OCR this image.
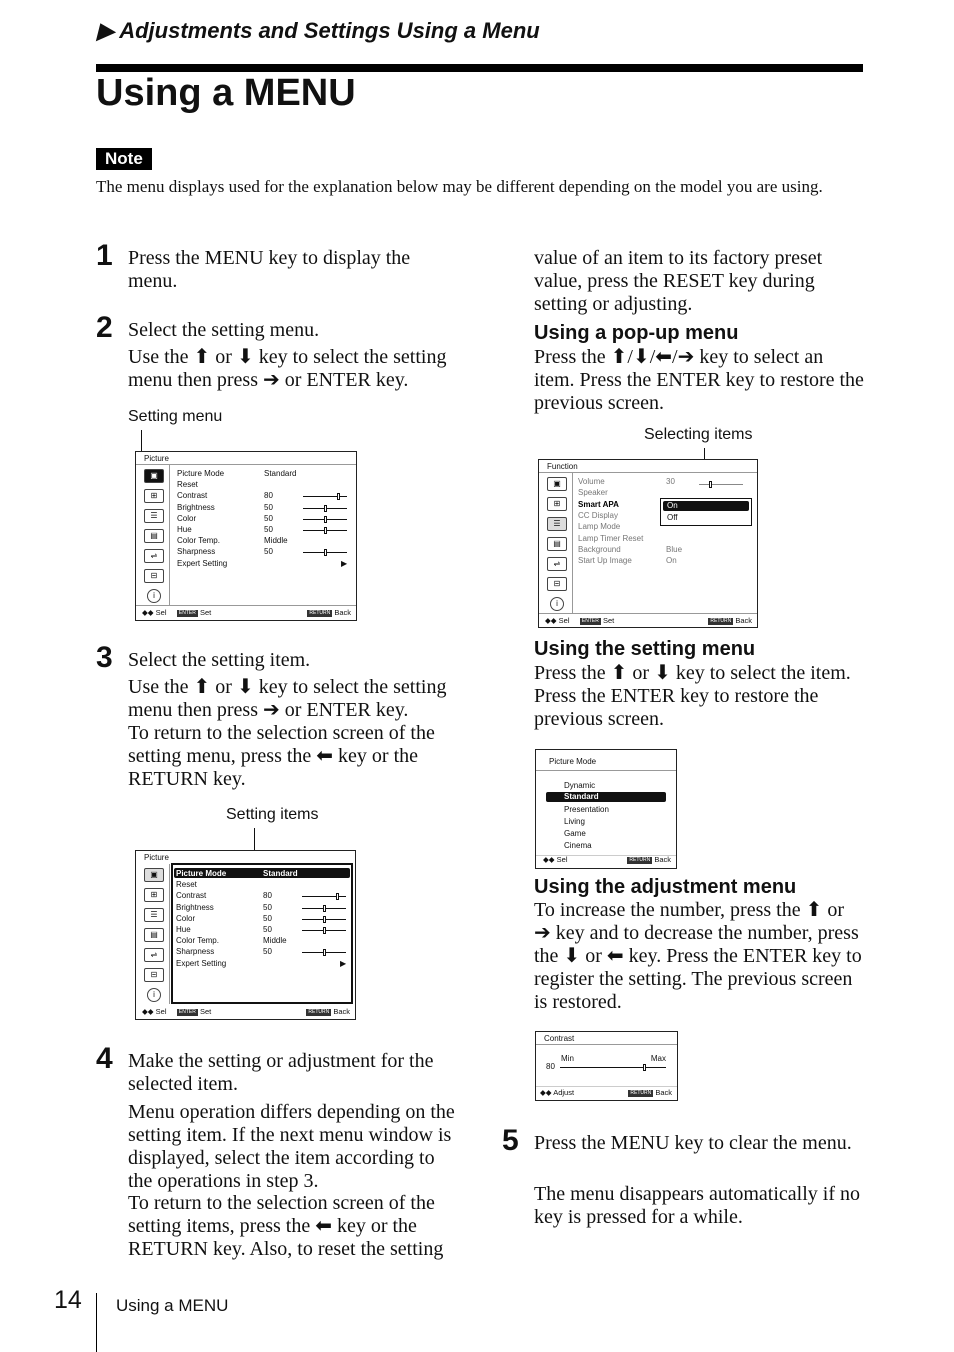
▶ Adjustments and Settings Using a Menu
Using a MENU
Note
The menu displays used for the explanation below may be different depending on the model you are using.
1 Press the MENU key to display the menu.
2 Select the setting menu.
Use the ⬆ or ⬇ key to select the setting menu then press ➔ or ENTER key.
Setting menu
Picture
▣
⊞
☰
▤
⇌
⊟
i
◆◆ Sel ENTER Set	RETURN Back
Picture Mode	Standard
Reset
Contrast	80
Brightness	50
Color	50
Hue	50
Color Temp.	Middle
Sharpness	50
Expert Setting	▶
3 Select the setting item.
Use the ⬆ or ⬇ key to select the setting menu then press ➔ or ENTER key.
To return to the selection screen of the setting menu, press the ⬅ key or the RETURN key.
Setting items
Picture
▣
⊞
☰
▤
⇌
⊟
i
◆◆ Sel ENTER Set	RETURN Back
Picture Mode	Standard
Reset
Contrast	80
Brightness	50
Color	50
Hue	50
Color Temp.	Middle
Sharpness	50
Expert Setting	▶
4 Make the setting or adjustment for the selected item.
Menu operation differs depending on the setting item. If the next menu window is displayed, select the item according to the operations in step 3.
To return to the selection screen of the setting items, press the ⬅ key or the RETURN key. Also, to reset the setting
value of an item to its factory preset value, press the RESET key during setting or adjusting.
Using a pop-up menu
Press the ⬆/⬇/⬅/➔ key to select an item. Press the ENTER key to restore the previous screen.
Selecting items
Function
▣
⊞
☰
▤
⇌
⊟
i
On
Off
◆◆ Sel ENTER Set	RETURN Back
Volume	30
Speaker
Smart APA
CC Display
Lamp Mode
Lamp Timer Reset
Background	Blue
Start Up Image	On
Using the setting menu
Press the ⬆ or ⬇ key to select the item. Press the ENTER key to restore the previous screen.
Picture Mode
◆◆ Sel	RETURN Back
Dynamic
Standard
Presentation
Living
Game
Cinema
Using the adjustment menu
To increase the number, press the ⬆ or ➔ key and to decrease the number, press the ⬇ or ⬅ key. Press the ENTER key to register the setting. The previous screen is restored.
Contrast
Min	Max
80
◆◆ Adjust	RETURN Back
5 Press the MENU key to clear the menu.
The menu disappears automatically if no key is pressed for a while.
14 Using a MENU
